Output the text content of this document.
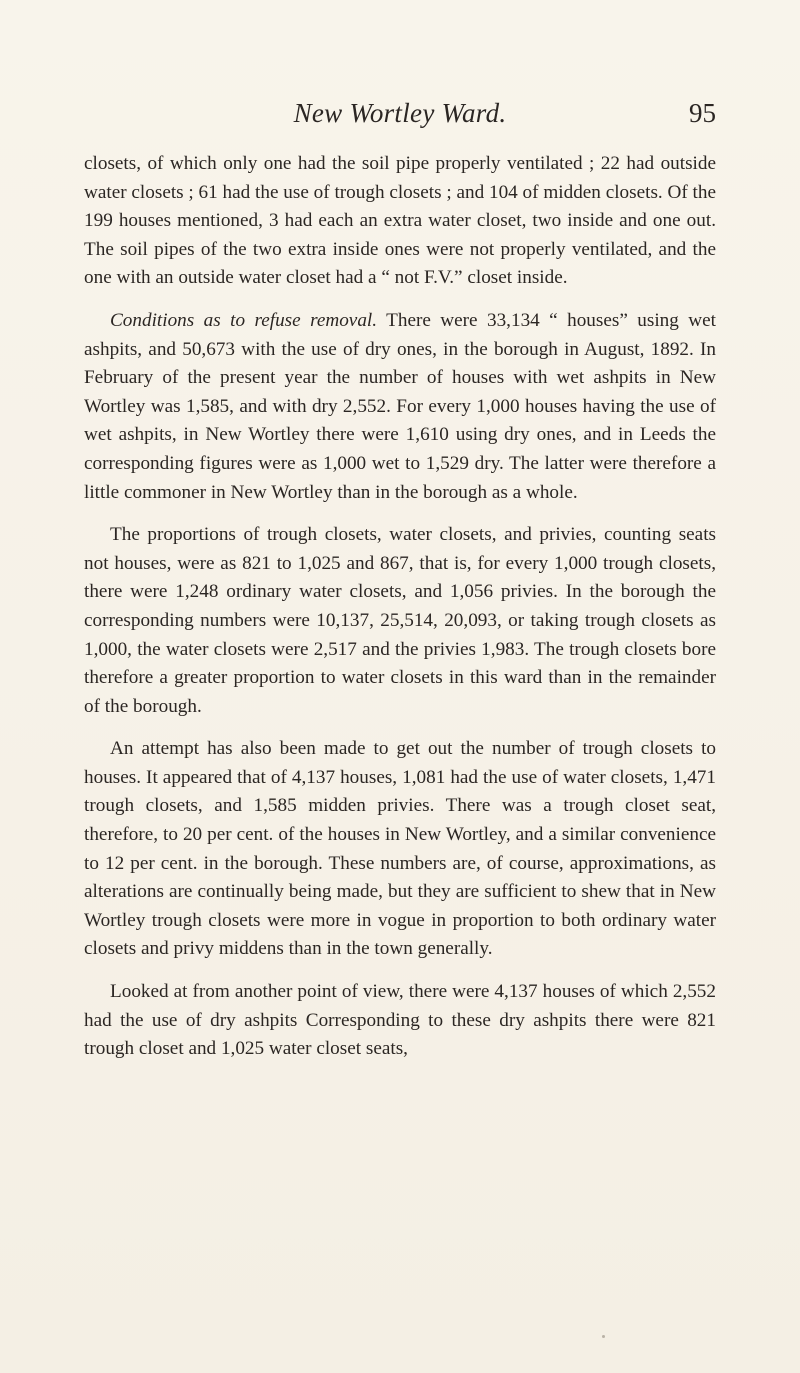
New Wortley Ward.	95

closets, of which only one had the soil pipe properly ventilated ; 22 had outside water closets ; 61 had the use of trough closets ; and 104 of midden closets. Of the 199 houses mentioned, 3 had each an extra water closet, two inside and one out. The soil pipes of the two extra inside ones were not properly ventilated, and the one with an outside water closet had a “ not F.V.” closet inside.

Conditions as to refuse removal. There were 33,134 “ houses” using wet ashpits, and 50,673 with the use of dry ones, in the borough in August, 1892. In February of the present year the number of houses with wet ashpits in New Wortley was 1,585, and with dry 2,552. For every 1,000 houses having the use of wet ashpits, in New Wortley there were 1,610 using dry ones, and in Leeds the corresponding figures were as 1,000 wet to 1,529 dry. The latter were therefore a little commoner in New Wortley than in the borough as a whole.

The proportions of trough closets, water closets, and privies, counting seats not houses, were as 821 to 1,025 and 867, that is, for every 1,000 trough closets, there were 1,248 ordinary water closets, and 1,056 privies. In the borough the corresponding numbers were 10,137, 25,514, 20,093, or taking trough closets as 1,000, the water closets were 2,517 and the privies 1,983. The trough closets bore therefore a greater proportion to water closets in this ward than in the remainder of the borough.

An attempt has also been made to get out the number of trough closets to houses. It appeared that of 4,137 houses, 1,081 had the use of water closets, 1,471 trough closets, and 1,585 midden privies. There was a trough closet seat, therefore, to 20 per cent. of the houses in New Wortley, and a similar convenience to 12 per cent. in the borough. These numbers are, of course, approximations, as alterations are continually being made, but they are sufficient to shew that in New Wortley trough closets were more in vogue in proportion to both ordinary water closets and privy middens than in the town generally.

Looked at from another point of view, there were 4,137 houses of which 2,552 had the use of dry ashpits Corresponding to these dry ashpits there were 821 trough closet and 1,025 water closet seats,
